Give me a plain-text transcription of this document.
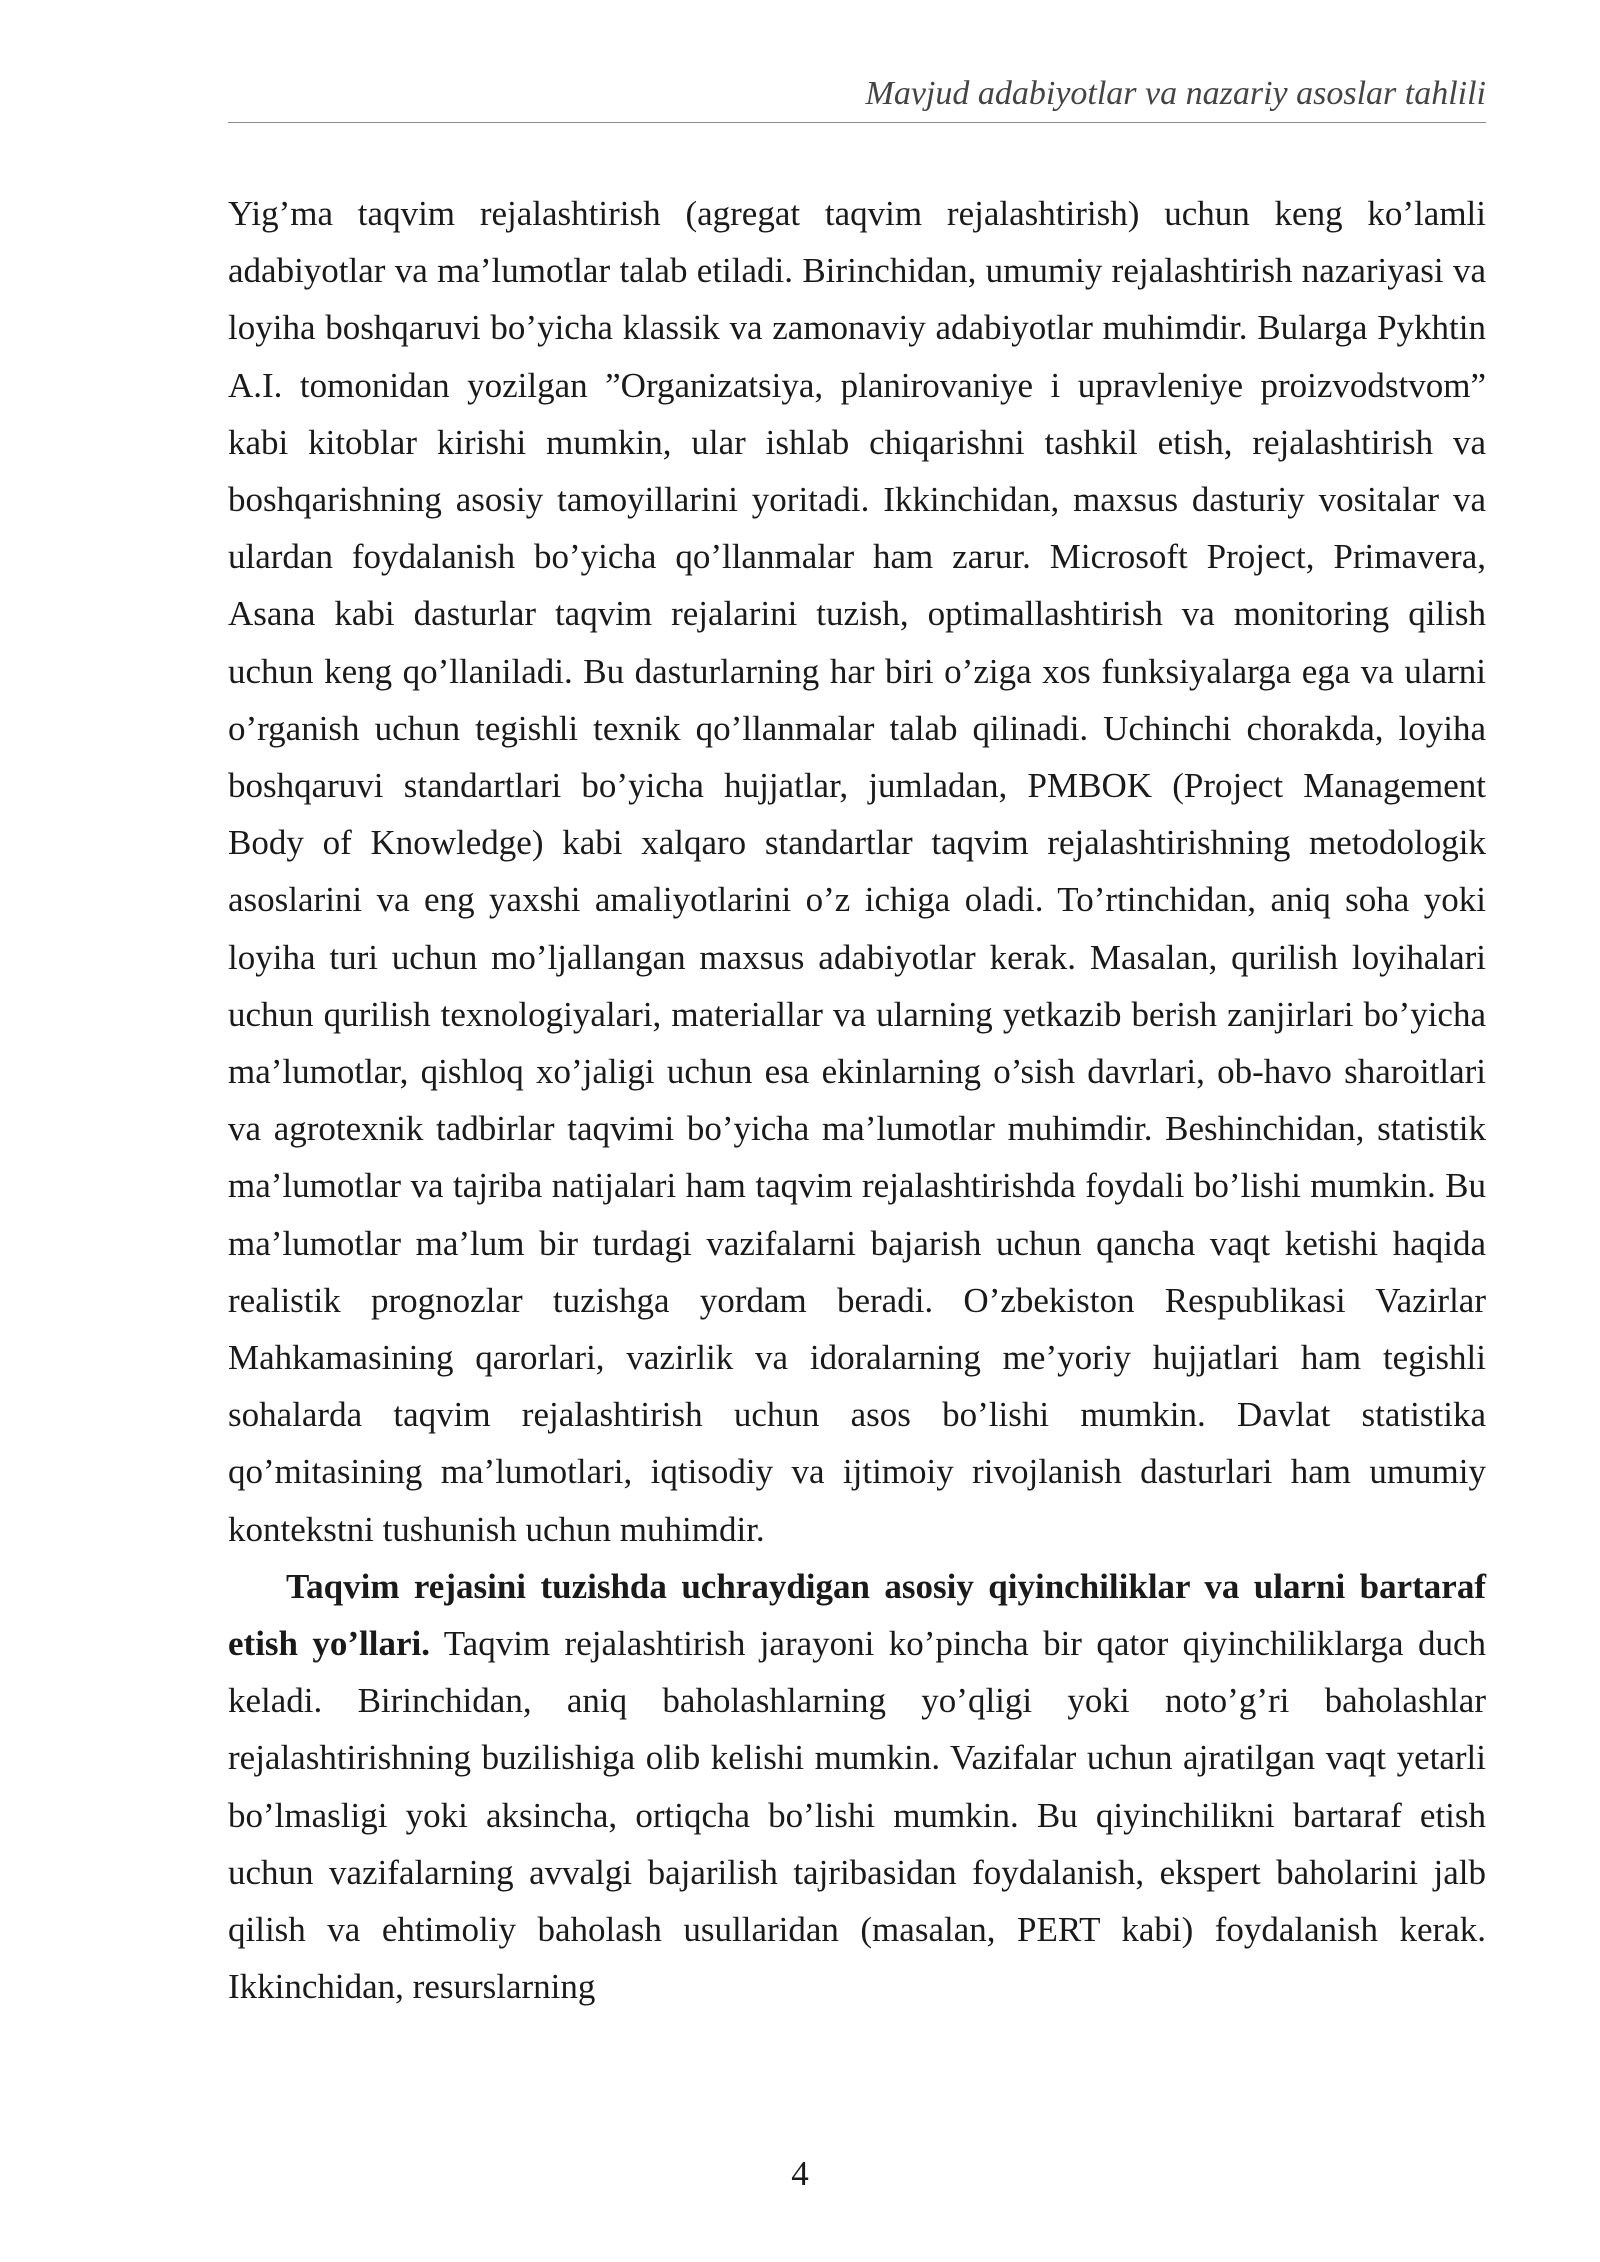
Mavjud adabiyotlar va nazariy asoslar tahlili

Yig’ma taqvim rejalashtirish (agregat taqvim rejalashtirish) uchun keng ko’lamli adabiyotlar va ma’lumotlar talab etiladi. Birinchidan, umumiy rejalashtirish nazariyasi va loyiha boshqaruvi bo’yicha klassik va zamonaviy adabiyotlar muhimdir. Bularga Pykhtin A.I. tomonidan yozilgan ”Organizatsiya, planirovaniye i upravleniye proizvodstvom” kabi kitoblar kirishi mumkin, ular ishlab chiqarishni tashkil etish, rejalashtirish va boshqarishning asosiy tamoyillarini yoritadi. Ikkinchidan, maxsus dasturiy vositalar va ulardan foydalanish bo’yicha qo’llanmalar ham zarur. Microsoft Project, Primavera, Asana kabi dasturlar taqvim rejalarini tuzish, optimallashtirish va monitoring qilish uchun keng qo’llaniladi. Bu dasturlarning har biri o’ziga xos funksiyalarga ega va ularni o’rganish uchun tegishli texnik qo’llanmalar talab qilinadi. Uchinchi chorakda, loyiha boshqaruvi standartlari bo’yicha hujjatlar, jumladan, PMBOK (Project Management Body of Knowledge) kabi xalqaro standartlar taqvim rejalashtirishning metodologik asoslarini va eng yaxshi amaliyotlarini o’z ichiga oladi. To’rtinchidan, aniq soha yoki loyiha turi uchun mo’ljallangan maxsus adabiyotlar kerak. Masalan, qurilish loyihalari uchun qurilish texnologiyalari, materiallar va ularning yetkazib berish zanjirlari bo’yicha ma’lumotlar, qishloq xo’jaligi uchun esa ekinlarning o’sish davrlari, ob-havo sharoitlari va agrotexnik tadbirlar taqvimi bo’yicha ma’lumotlar muhimdir. Beshinchidan, statistik ma’lumotlar va tajriba natijalari ham taqvim rejalashtirishda foydali bo’lishi mumkin. Bu ma’lumotlar ma’lum bir turdagi vazifalarni bajarish uchun qancha vaqt ketishi haqida realistik prognozlar tuzishga yordam beradi. O’zbekiston Respublikasi Vazirlar Mahkamasining qarorlari, vazirlik va idoralarning me’yoriy hujjatlari ham tegishli sohalarda taqvim rejalashtirish uchun asos bo’lishi mumkin. Davlat statistika qo’mitasining ma’lumotlari, iqtisodiy va ijtimoiy rivojlanish dasturlari ham umumiy kontekstni tushunish uchun muhimdir.

Taqvim rejasini tuzishda uchraydigan asosiy qiyinchiliklar va ularni bartaraf etish yo’llari. Taqvim rejalashtirish jarayoni ko’pincha bir qator qiyinchiliklarga duch keladi. Birinchidan, aniq baholashlarning yo’qligi yoki noto’g’ri baholashlar rejalashtirishning buzilishiga olib kelishi mumkin. Vazifalar uchun ajratilgan vaqt yetarli bo’lmasligi yoki aksincha, ortiqcha bo’lishi mumkin. Bu qiyinchilikni bartaraf etish uchun vazifalarning avvalgi bajarilish tajribasidan foydalanish, ekspert baholarini jalb qilish va ehtimoliy baholash usullaridan (masalan, PERT kabi) foydalanish kerak. Ikkinchidan, resurslarning

4
